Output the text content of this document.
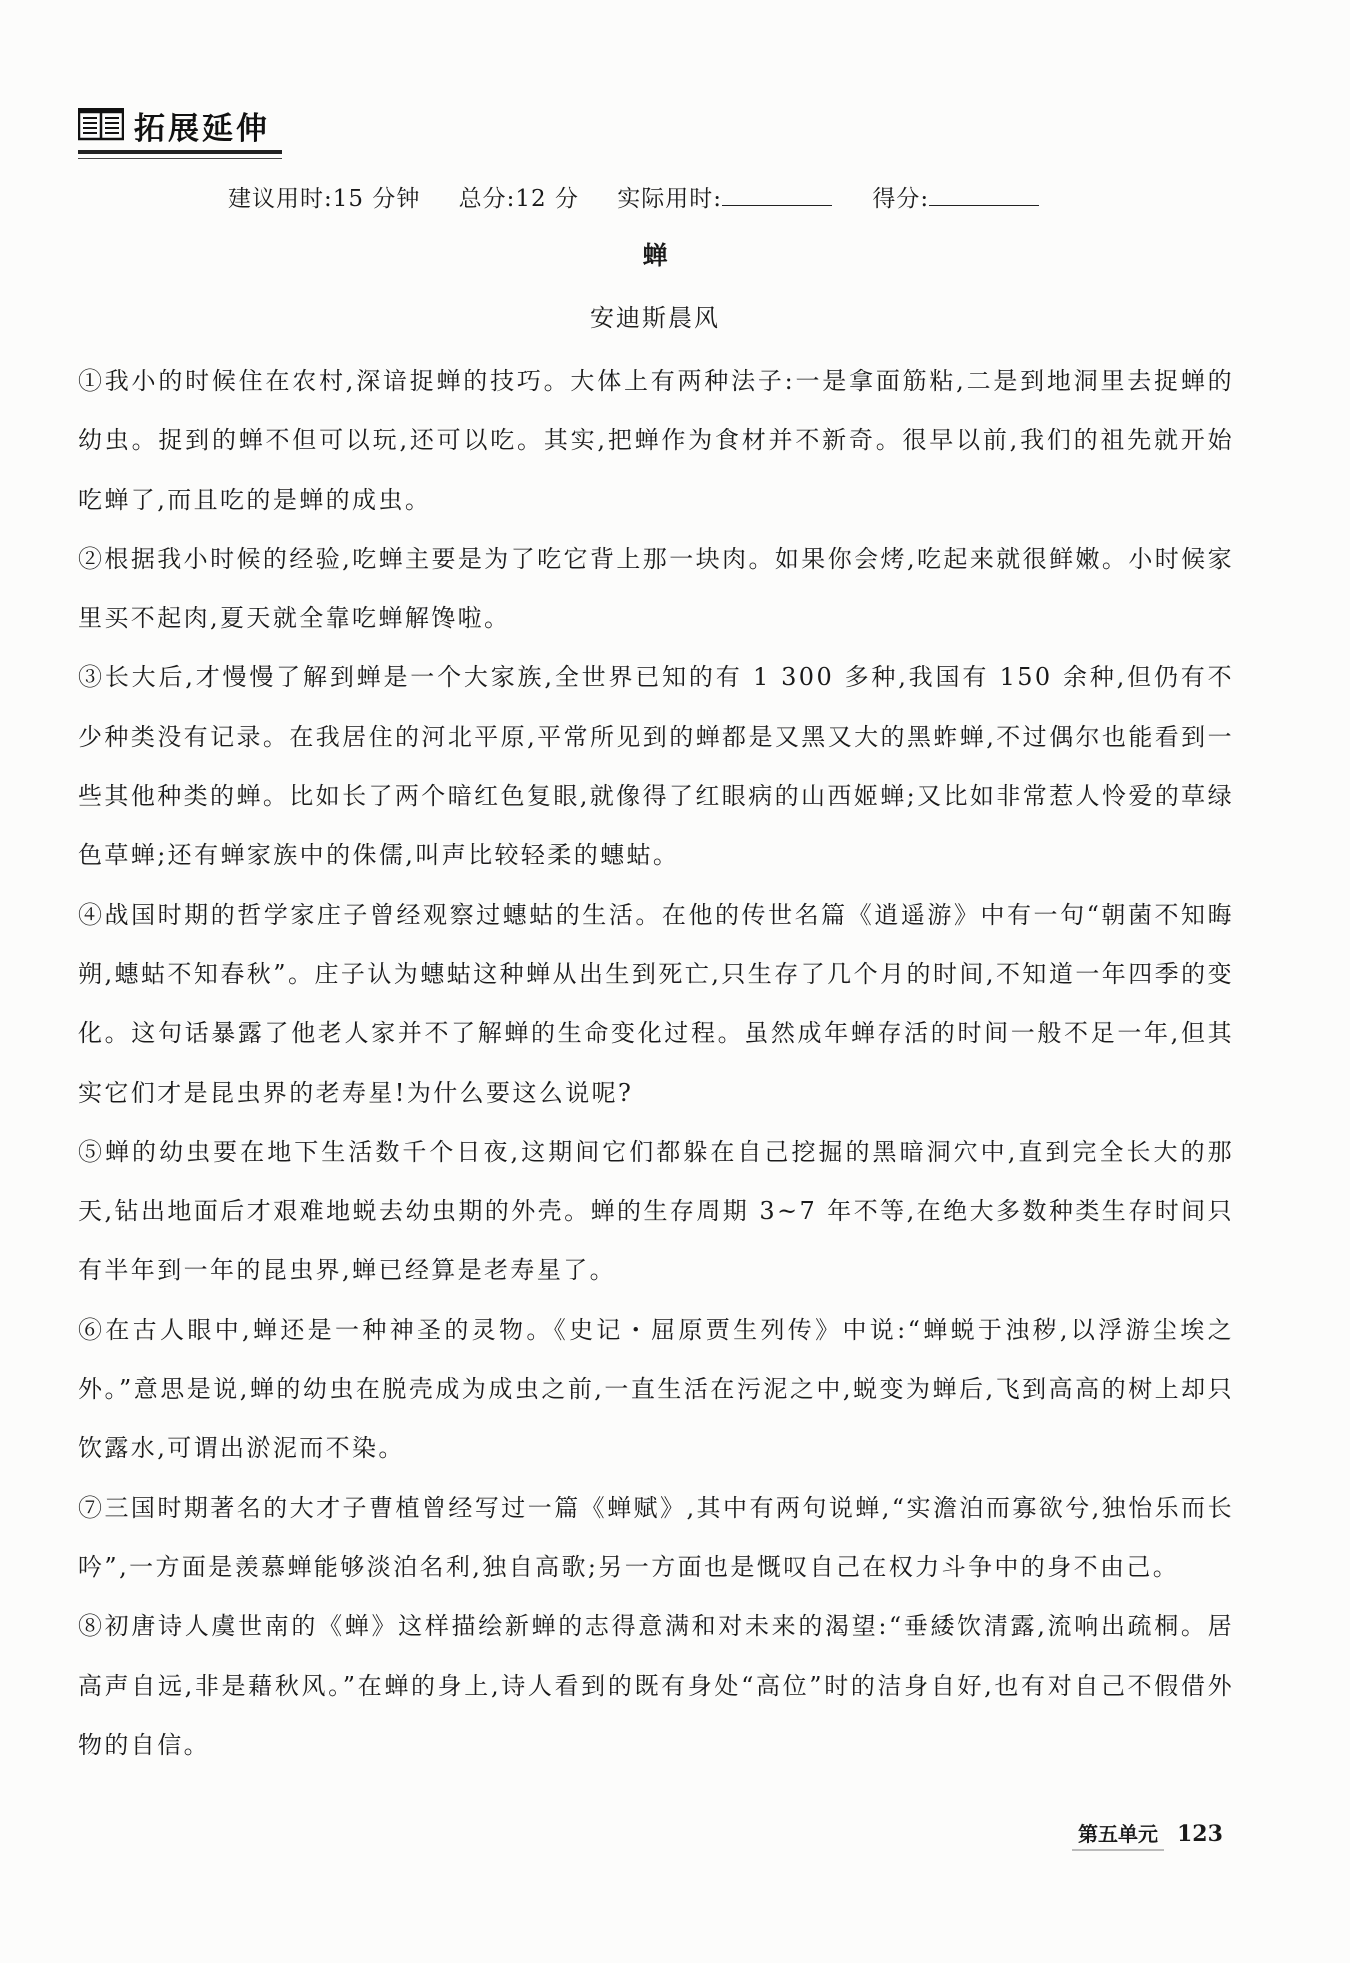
拓展延伸
建议用时:15 分钟 总分:12 分 实际用时:	得分:
蝉
安迪斯晨风

①我小的时候住在农村,深谙捉蝉的技巧。大体上有两种法子:一是拿面筋粘,二是到地洞里去捉蝉的幼虫。捉到的蝉不但可以玩,还可以吃。其实,把蝉作为食材并不新奇。很早以前,我们的祖先就开始吃蝉了,而且吃的是蝉的成虫。

②根据我小时候的经验,吃蝉主要是为了吃它背上那一块肉。如果你会烤,吃起来就很鲜嫩。小时候家里买不起肉,夏天就全靠吃蝉解馋啦。

③长大后,才慢慢了解到蝉是一个大家族,全世界已知的有 1 300 多种,我国有 150 余种,但仍有不少种类没有记录。在我居住的河北平原,平常所见到的蝉都是又黑又大的黑蚱蝉,不过偶尔也能看到一些其他种类的蝉。比如长了两个暗红色复眼,就像得了红眼病的山西姬蝉;又比如非常惹人怜爱的草绿色草蝉;还有蝉家族中的侏儒,叫声比较轻柔的蟪蛄。

④战国时期的哲学家庄子曾经观察过蟪蛄的生活。在他的传世名篇《逍遥游》中有一句“朝菌不知晦朔,蟪蛄不知春秋”。庄子认为蟪蛄这种蝉从出生到死亡,只生存了几个月的时间,不知道一年四季的变化。这句话暴露了他老人家并不了解蝉的生命变化过程。虽然成年蝉存活的时间一般不足一年,但其实它们才是昆虫界的老寿星!为什么要这么说呢?

⑤蝉的幼虫要在地下生活数千个日夜,这期间它们都躲在自己挖掘的黑暗洞穴中,直到完全长大的那天,钻出地面后才艰难地蜕去幼虫期的外壳。蝉的生存周期 3~7 年不等,在绝大多数种类生存时间只有半年到一年的昆虫界,蝉已经算是老寿星了。

⑥在古人眼中,蝉还是一种神圣的灵物。《史记・屈原贾生列传》中说:“蝉蜕于浊秽,以浮游尘埃之外。”意思是说,蝉的幼虫在脱壳成为成虫之前,一直生活在污泥之中,蜕变为蝉后,飞到高高的树上却只饮露水,可谓出淤泥而不染。

⑦三国时期著名的大才子曹植曾经写过一篇《蝉赋》,其中有两句说蝉,“实澹泊而寡欲兮,独怡乐而长吟”,一方面是羡慕蝉能够淡泊名利,独自高歌;另一方面也是慨叹自己在权力斗争中的身不由己。

⑧初唐诗人虞世南的《蝉》这样描绘新蝉的志得意满和对未来的渴望:“垂緌饮清露,流响出疏桐。居高声自远,非是藉秋风。”在蝉的身上,诗人看到的既有身处“高位”时的洁身自好,也有对自己不假借外物的自信。

第五单元 123
